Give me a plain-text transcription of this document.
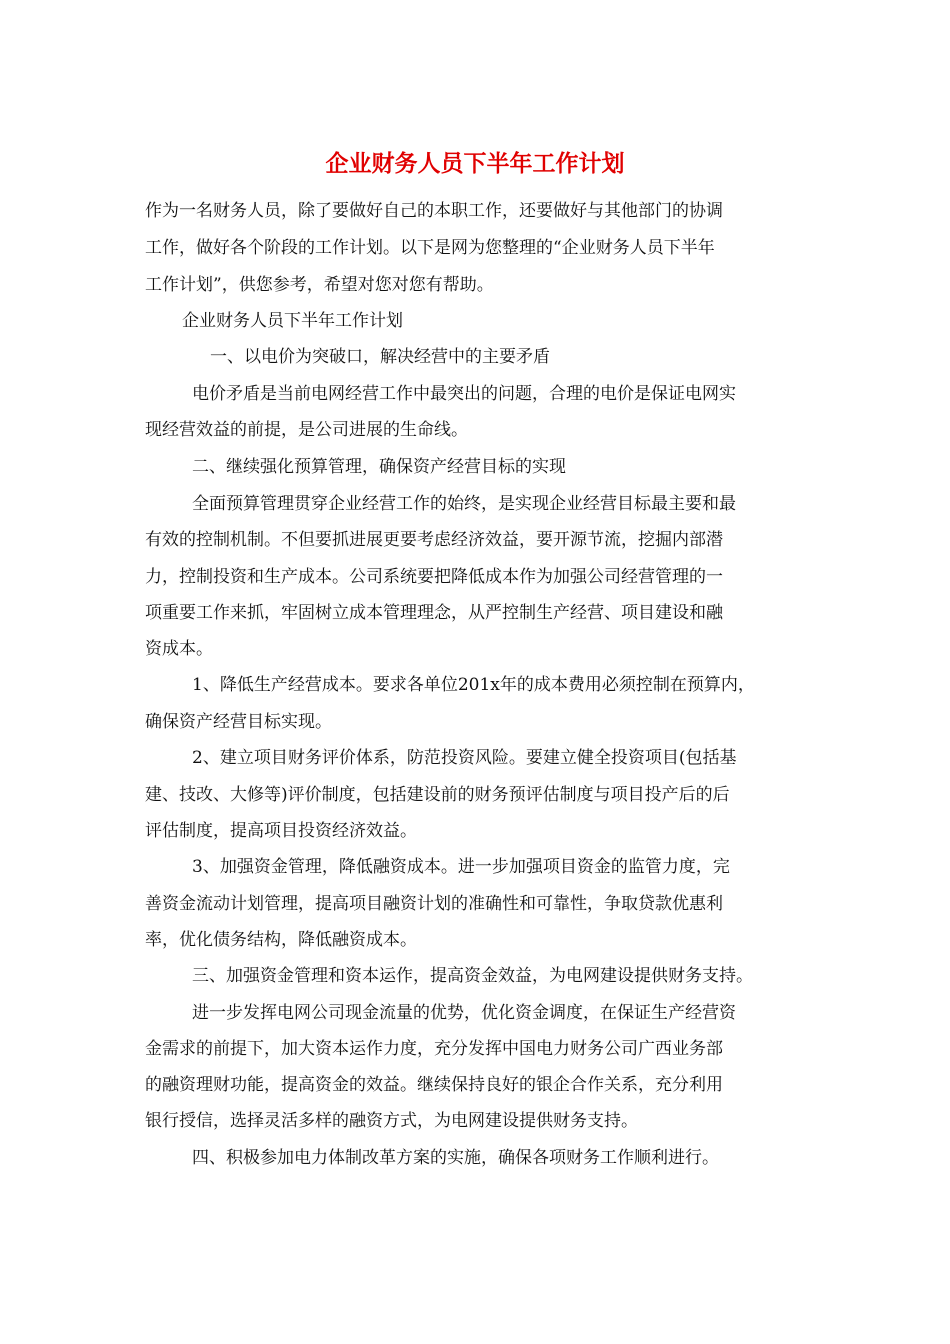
企业财务人员下半年工作计划
作为一名财务人员，除了要做好自己的本职工作，还要做好与其他部门的协调
工作，做好各个阶段的工作计划。以下是网为您整理的“企业财务人员下半年
工作计划”，供您参考，希望对您对您有帮助。
企业财务人员下半年工作计划
一、以电价为突破口，解决经营中的主要矛盾
电价矛盾是当前电网经营工作中最突出的问题，合理的电价是保证电网实
现经营效益的前提，是公司进展的生命线。
二、继续强化预算管理，确保资产经营目标的实现
全面预算管理贯穿企业经营工作的始终，是实现企业经营目标最主要和最
有效的控制机制。不但要抓进展更要考虑经济效益，要开源节流，挖掘内部潜
力，控制投资和生产成本。公司系统要把降低成本作为加强公司经营管理的一
项重要工作来抓，牢固树立成本管理理念，从严控制生产经营、项目建设和融
资成本。
1、降低生产经营成本。要求各单位201x年的成本费用必须控制在预算内，
确保资产经营目标实现。
2、建立项目财务评价体系，防范投资风险。要建立健全投资项目(包括基
建、技改、大修等)评价制度，包括建设前的财务预评估制度与项目投产后的后
评估制度，提高项目投资经济效益。
3、加强资金管理，降低融资成本。进一步加强项目资金的监管力度，完
善资金流动计划管理，提高项目融资计划的准确性和可靠性，争取贷款优惠利
率，优化债务结构，降低融资成本。
三、加强资金管理和资本运作，提高资金效益，为电网建设提供财务支持。
进一步发挥电网公司现金流量的优势，优化资金调度，在保证生产经营资
金需求的前提下，加大资本运作力度，充分发挥中国电力财务公司广西业务部
的融资理财功能，提高资金的效益。继续保持良好的银企合作关系，充分利用
银行授信，选择灵活多样的融资方式，为电网建设提供财务支持。
四、积极参加电力体制改革方案的实施，确保各项财务工作顺利进行。
